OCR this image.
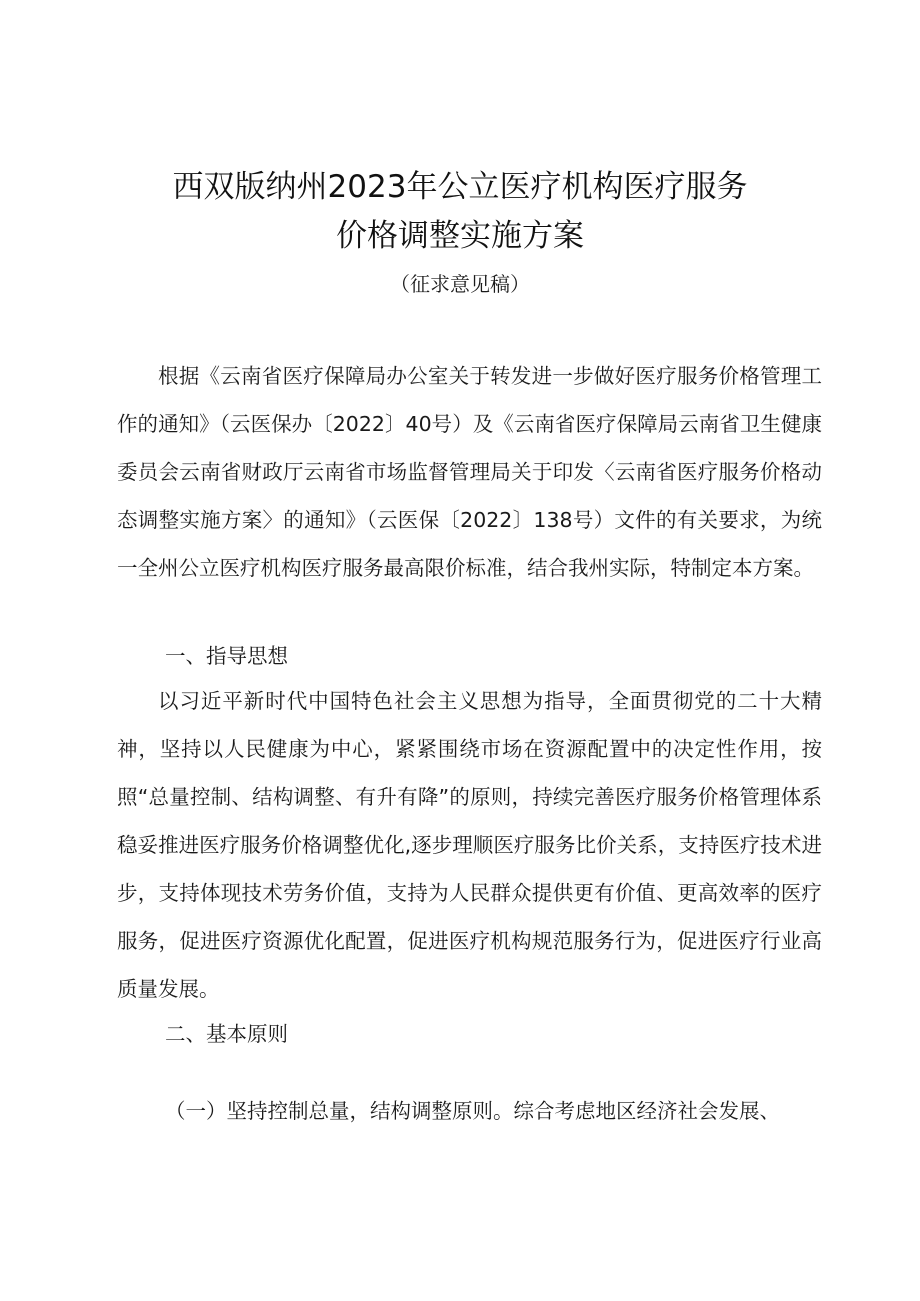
西双版纳州2023年公立医疗机构医疗服务
价格调整实施方案
（征求意见稿）

根据《云南省医疗保障局办公室关于转发进一步做好医疗服务价格管理工作的通知》（云医保办〔2022〕40号）及《云南省医疗保障局云南省卫生健康委员会云南省财政厅云南省市场监督管理局关于印发〈云南省医疗服务价格动态调整实施方案〉的通知》（云医保〔2022〕138号）文件的有关要求，为统一全州公立医疗机构医疗服务最高限价标准，结合我州实际，特制定本方案。

一、指导思想

以习近平新时代中国特色社会主义思想为指导，全面贯彻党的二十大精神，坚持以人民健康为中心，紧紧围绕市场在资源配置中的决定性作用，按照“总量控制、结构调整、有升有降”的原则，持续完善医疗服务价格管理体系稳妥推进医疗服务价格调整优化,逐步理顺医疗服务比价关系，支持医疗技术进步，支持体现技术劳务价值，支持为人民群众提供更有价值、更高效率的医疗服务，促进医疗资源优化配置，促进医疗机构规范服务行为，促进医疗行业高质量发展。

二、基本原则
（一）坚持控制总量，结构调整原则。综合考虑地区经济社会发展、
